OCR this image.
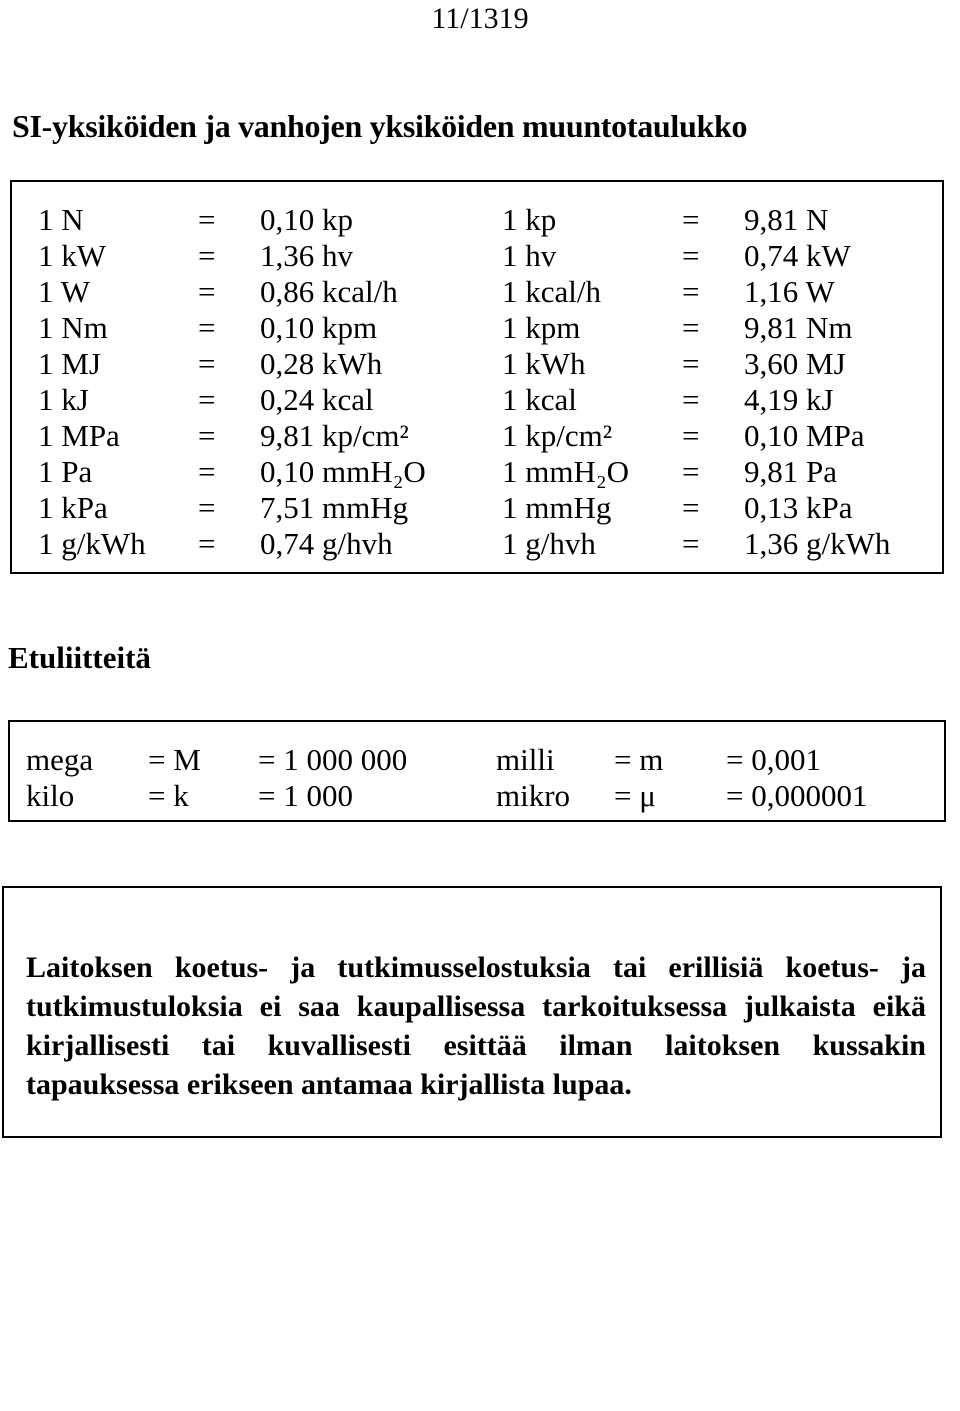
11/1319
SI-yksiköiden ja vanhojen yksiköiden muuntotaulukko
1 N	= 0,10 kp	1 kp	= 9,81 N
1 kW	= 1,36 hv	1 hv	= 0,74 kW
1 W	= 0,86 kcal/h	1 kcal/h	= 1,16 W
1 Nm	= 0,10 kpm	1 kpm	= 9,81 Nm
1 MJ	= 0,28 kWh	1 kWh	= 3,60 MJ
1 kJ	= 0,24 kcal	1 kcal	= 4,19 kJ
1 MPa	= 9,81 kp/cm²	1 kp/cm² = 0,10 MPa
1 Pa	= 0,10 mmH₂O 1 mmH₂O = 9,81 Pa
1 kPa	= 7,51 mmHg	1 mmHg = 0,13 kPa
1 g/kWh = 0,74 g/hvh	1 g/hvh	= 1,36 g/kWh
Etuliitteitä
mega = M = 1 000 000	milli = m = 0,001
kilo = k = 1 000	mikro = μ = 0,000001
Laitoksen koetus- ja tutkimusselostuksia tai erillisiä koetus- ja tutkimustuloksia ei saa kaupallisessa tarkoituksessa julkaista eikä kirjallisesti tai kuvallisesti esittää ilman laitoksen kussakin tapauksessa erikseen antamaa kirjallista lupaa.
